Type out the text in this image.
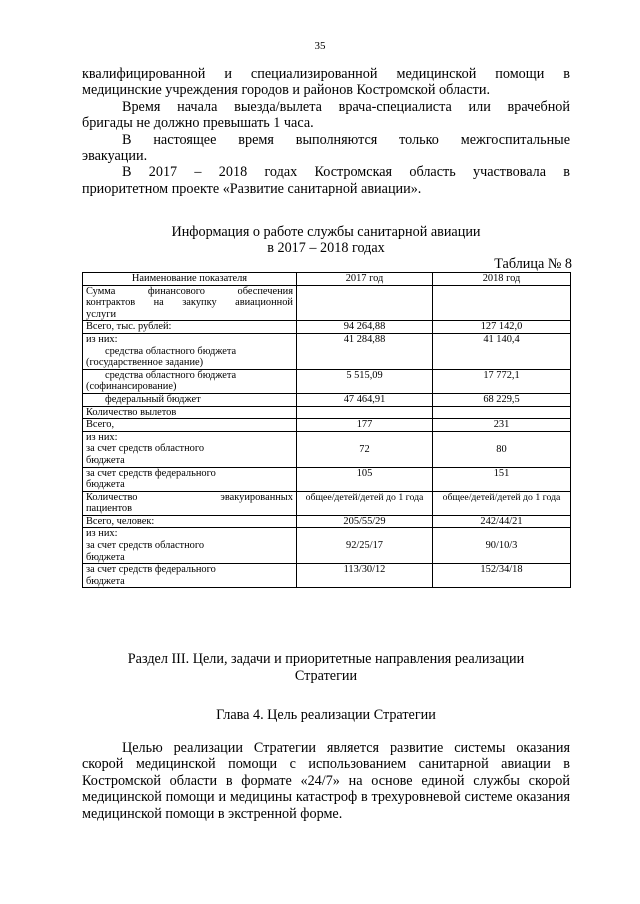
35

квалифицированной и специализированной медицинской помощи в

медицинские учреждения городов и районов Костромской области.

Время начала выезда/вылета врача-специалиста или врачебной

бригады не должно превышать 1 часа.

В настоящее время выполняются только межгоспитальные

эвакуации.

В 2017 – 2018 годах Костромская область участвовала в

приоритетном проекте «Развитие санитарной авиации».

Информация о работе службы санитарной авиации
в 2017 – 2018 годах
Таблица № 8
Наименование показателя	2017 год	2018 год
Сумма финансового обеспечения
контрактов на закупку авиационной
услуги		
Всего, тыс. рублей:	94 264,88	127 142,0

из них:
средства областного бюджета
(государственное задание)	41 284,88	41 140,4

средства областного бюджета
(софинансирование)	5 515,09	17 772,1
федеральный бюджет	47 464,91	68 229,5
Количество вылетов		
Всего,	177	231

из них:
за счет средств областного
бюджета	72	80

за счет средств федерального
бюджета	105	151

Количество эвакуированных
пациентов	общее/детей/детей до 1 года	общее/детей/детей до 1 года
Всего, человек:	205/55/29	242/44/21

из них:
за счет средств областного
бюджета	92/25/17	90/10/3

за счет средств федерального
бюджета	113/30/12	152/34/18
Раздел III. Цели, задачи и приоритетные направления реализации
Стратегии
Глава 4. Цель реализации Стратегии

Целью реализации Стратегии является развитие системы оказания скорой медицинской помощи с использованием санитарной авиации в Костромской области в формате «24/7» на основе единой службы скорой медицинской помощи и медицины катастроф в трехуровневой системе оказания медицинской помощи в экстренной форме.
